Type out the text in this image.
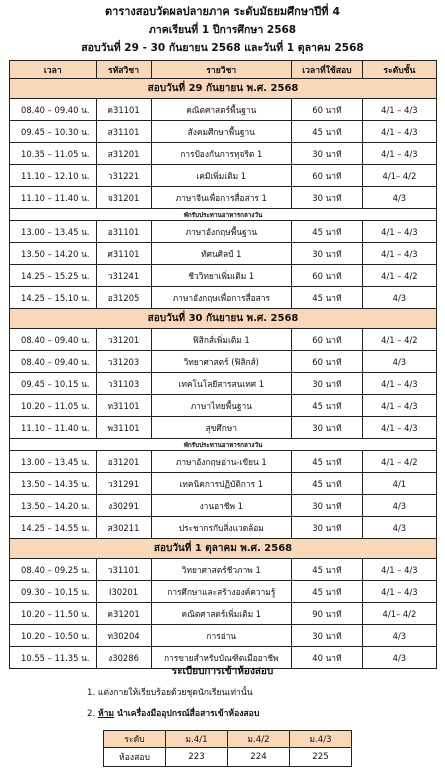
ตารางสอบวัดผลปลายภาค ระดับมัธยมศึกษาปีที่ 4
ภาคเรียนที่ 1 ปีการศึกษา 2568
สอบวันที่ 29 - 30 กันยายน 2568 และวันที่ 1 ตุลาคม 2568
เวลา	รหัสวิชา	รายวิชา	เวลาที่ใช้สอบ	ระดับชั้น
สอบวันที่ 29 กันยายน พ.ศ. 2568				
08.40 – 09.40 น.	ค31101	คณิตศาสตร์พื้นฐาน	60 นาที	4/1 – 4/3
09.45 – 10.30 น.	ส31101	สังคมศึกษาพื้นฐาน	45 นาที	4/1 – 4/3
10.35 – 11.05 น.	ส31201	การป้องกันการทุจริต 1	30 นาที	4/1 – 4/3
11.10 – 12.10 น.	ว31221	เคมีเพิ่มเติม 1	60 นาที	4/1– 4/2
11.10 – 11.40 น.	จ31201	ภาษาจีนเพื่อการสื่อสาร 1	30 นาที	4/3
พักรับประทานอาหารกลางวัน				
13.00 – 13.45 น.	อ31101	ภาษาอังกฤษพื้นฐาน	45 นาที	4/1 – 4/3
13.50 – 14.20 น.	ศ31101	ทัศนศิลป์ 1	30 นาที	4/1 – 4/3
14.25 – 15.25 น.	ว31241	ชีววิทยาเพิ่มเติม 1	60 นาที	4/1 – 4/2
14.25 – 15.10 น.	อ31205	ภาษาอังกฤษเพื่อการสื่อสาร	45 นาที	4/3
สอบวันที่ 30 กันยายน พ.ศ. 2568				
08.40 – 09.40 น.	ว31201	ฟิสิกส์เพิ่มเติม 1	60 นาที	4/1 – 4/2
08.40 – 09.40 น.	ว31203	วิทยาศาสตร์ (ฟิสิกส์)	60 นาที	4/3
09.45 – 10.15 น.	ว31103	เทคโนโลยีสารสนเทศ 1	30 นาที	4/1 – 4/3
10.20 – 11.05 น.	ท31101	ภาษาไทยพื้นฐาน	45 นาที	4/1 – 4/3
11.10 – 11.40 น.	พ31101	สุขศึกษา	30 นาที	4/1 – 4/3
พักรับประทานอาหารกลางวัน				
13.00 – 13.45 น.	อ31201	ภาษาอังกฤษอ่าน-เขียน 1	45 นาที	4/1 – 4/2
13.50 – 14.35 น.	ว31291	เทคนิคการปฏิบัติการ 1	45 นาที	4/1
13.50 – 14.20 น.	ง30291	งานอาชีพ 1	30 นาที	4/3
14.25 – 14.55 น.	ส30211	ประชากรกับสิ่งแวดล้อม	30 นาที	4/3
สอบวันที่ 1 ตุลาคม พ.ศ. 2568				
08.40 – 09.25 น.	ว31101	วิทยาศาสตร์ชีวภาพ 1	45 นาที	4/1 – 4/3
09.30 – 10.15 น.	I30201	การศึกษาและสร้างองค์ความรู้	45 นาที	4/1 – 4/3
10.20 – 11.50 น.	ค31201	คณิตศาสตร์เพิ่มเติม 1	90 นาที	4/1– 4/2
10.20 – 10.50 น.	ท30204	การอ่าน	30 นาที	4/3
10.55 – 11.35 น.	ง30286	การขายสำหรับบัณฑิตเมืออาชีพ	40 นาที	4/3
ระเบียบการเข้าห้องสอบ
1. แต่งกายให้เรียบร้อยด้วยชุดนักเรียนเท่านั้น
2. ห้าม นำเครื่องมืออุปกรณ์สื่อสารเข้าห้องสอบ
ระดับ	ม.4/1	ม.4/2	ม.4/3
ห้องสอบ	223	224	225
